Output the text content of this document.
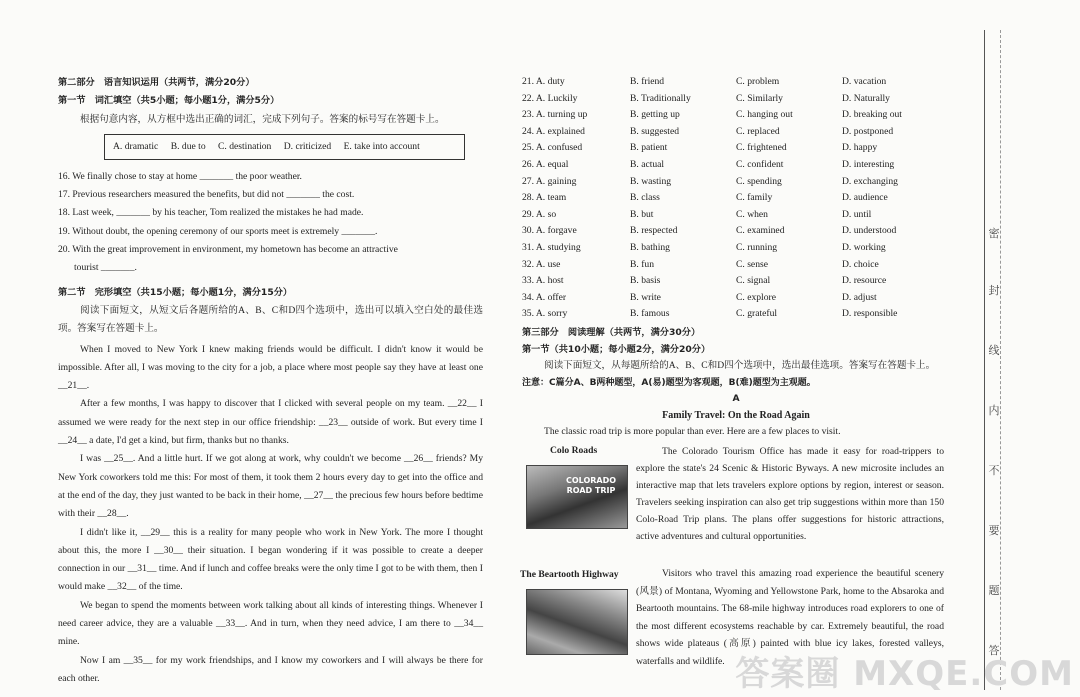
第二部分　语言知识运用（共两节，满分20分）
第一节　词汇填空（共5小题；每小题1分，满分5分）
根据句意内容，从方框中选出正确的词汇，完成下列句子。答案的标号写在答题卡上。
A. dramatic B. due to C. destination D. criticized E. take into account
16. We finally chose to stay at home _______ the poor weather.
17. Previous researchers measured the benefits, but did not _______ the cost.
18. Last week, _______ by his teacher, Tom realized the mistakes he had made.
19. Without doubt, the opening ceremony of our sports meet is extremely _______.
20. With the great improvement in environment, my hometown has become an attractive
tourist _______.
第二节　完形填空（共15小题；每小题1分，满分15分）
阅读下面短文，从短文后各题所给的A、B、C和D四个选项中，选出可以填入空白处的最佳选项。答案写在答题卡上。
When I moved to New York I knew making friends would be difficult. I didn't know it would be impossible. After all, I was moving to the city for a job, a place where most people say they have at least one __21__.
After a few months, I was happy to discover that I clicked with several people on my team. __22__ I assumed we were ready for the next step in our office friendship: __23__ outside of work. But every time I __24__ a date, I'd get a kind, but firm, thanks but no thanks.
I was __25__. And a little hurt. If we got along at work, why couldn't we become __26__ friends? My New York coworkers told me this: For most of them, it took them 2 hours every day to get into the office and at the end of the day, they just wanted to be back in their home, __27__ the precious few hours before bedtime with their __28__.
I didn't like it, __29__ this is a reality for many people who work in New York. The more I thought about this, the more I __30__ their situation. I began wondering if it was possible to create a deeper connection in our __31__ time. And if lunch and coffee breaks were the only time I got to be with them, then I would make __32__ of the time.
We began to spend the moments between work talking about all kinds of interesting things. Whenever I need career advice, they are a valuable __33__. And in turn, when they need advice, I am there to __34__ mine.
Now I am __35__ for my work friendships, and I know my coworkers and I will always be there for each other.
21. A. duty	B. friend	C. problem	D. vacation
22. A. Luckily	B. Traditionally	C. Similarly	D. Naturally
23. A. turning up	B. getting up	C. hanging out	D. breaking out
24. A. explained	B. suggested	C. replaced	D. postponed
25. A. confused	B. patient	C. frightened	D. happy
26. A. equal	B. actual	C. confident	D. interesting
27. A. gaining	B. wasting	C. spending	D. exchanging
28. A. team	B. class	C. family	D. audience
29. A. so	B. but	C. when	D. until
30. A. forgave	B. respected	C. examined	D. understood
31. A. studying	B. bathing	C. running	D. working
32. A. use	B. fun	C. sense	D. choice
33. A. host	B. basis	C. signal	D. resource
34. A. offer	B. write	C. explore	D. adjust
35. A. sorry	B. famous	C. grateful	D. responsible
第三部分　阅读理解（共两节，满分30分）
第一节（共10小题；每小题2分，满分20分）
阅读下面短文，从每题所给的A、B、C和D四个选项中，选出最佳选项。答案写在答题卡上。
注意：C篇分A、B两种题型，A(易)题型为客观题，B(难)题型为主观题。
A
Family Travel: On the Road Again
The classic road trip is more popular than ever. Here are a few places to visit.
Colo Roads
COLORADO ROAD TRIP
The Colorado Tourism Office has made it easy for road-trippers to explore the state's 24 Scenic & Historic Byways. A new microsite includes an interactive map that lets travelers explore options by region, interest or season. Travelers seeking inspiration can also get trip suggestions within more than 150 Colo-Road Trip plans. The plans offer suggestions for historic attractions, active adventures and cultural opportunities.
The Beartooth Highway	Visitors who travel this amazing road experience the beautiful scenery (风景) of Montana, Wyoming and Yellowstone Park, home to the Absaroka and Beartooth mountains. The 68-mile highway introduces road explorers to one of the most different ecosystems reachable by car. Extremely beautiful, the road shows wide plateaus (高原) painted with blue icy lakes, forested valleys, waterfalls and wildlife.
密
封
线
内
不
要
题
答
答案圈 MXQE.COM
